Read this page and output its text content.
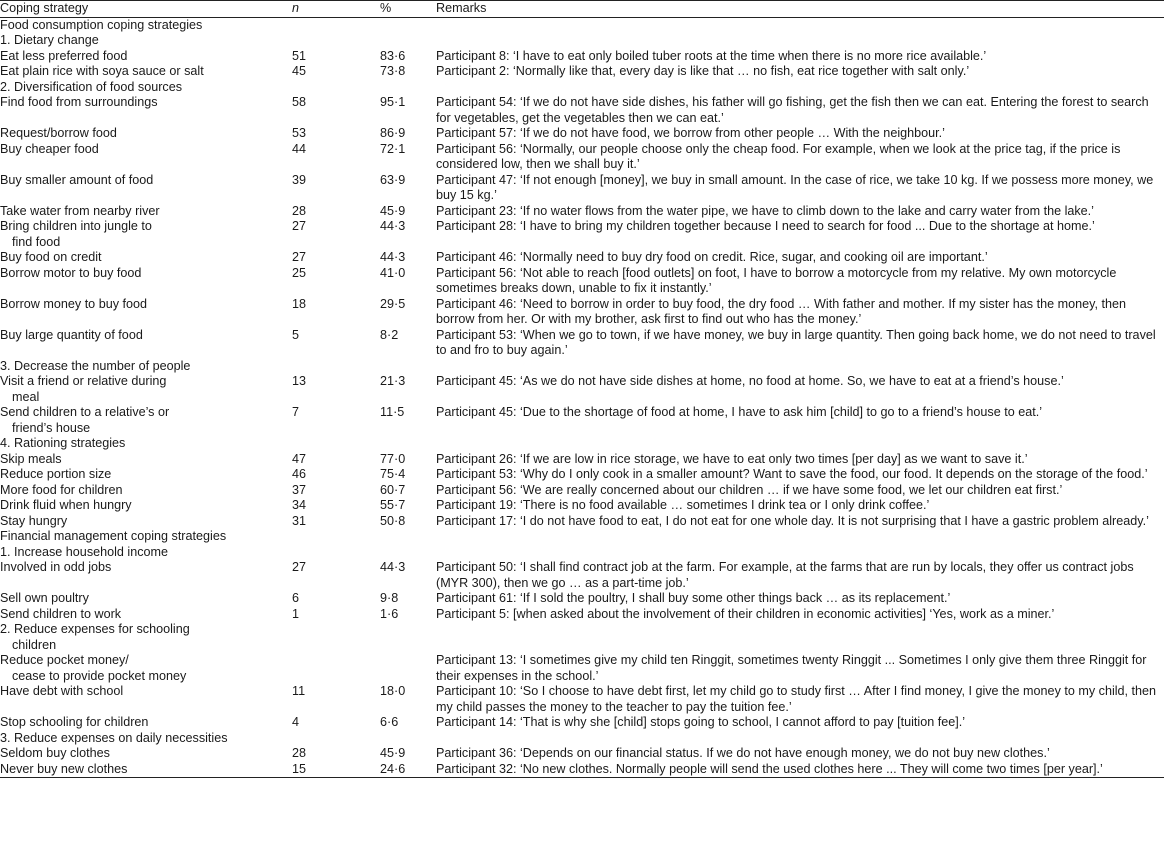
Coping strategy	n	%	Remarks
Food consumption coping strategies			
1. Dietary change			
Eat less preferred food	51	83·6	Participant 8: ‘I have to eat only boiled tuber roots at the time when there is no more rice available.’
Eat plain rice with soya sauce or salt	45	73·8	Participant 2: ‘Normally like that, every day is like that … no fish, eat rice together with salt only.’
2. Diversification of food sources			
Find food from surroundings	58	95·1	Participant 54: ‘If we do not have side dishes, his father will go fishing, get the fish then we can eat. Entering the forest to search for vegetables, get the vegetables then we can eat.’
Request/borrow food	53	86·9	Participant 57: ‘If we do not have food, we borrow from other people … With the neighbour.’
Buy cheaper food	44	72·1	Participant 56: ‘Normally, our people choose only the cheap food. For example, when we look at the price tag, if the price is considered low, then we shall buy it.’
Buy smaller amount of food	39	63·9	Participant 47: ‘If not enough [money], we buy in small amount. In the case of rice, we take 10 kg. If we possess more money, we buy 15 kg.’
Take water from nearby river	28	45·9	Participant 23: ‘If no water flows from the water pipe, we have to climb down to the lake and carry water from the lake.’
Bring children into jungle to
find food	27	44·3	Participant 28: ‘I have to bring my children together because I need to search for food ... Due to the shortage at home.’
Buy food on credit	27	44·3	Participant 46: ‘Normally need to buy dry food on credit. Rice, sugar, and cooking oil are important.’
Borrow motor to buy food	25	41·0	Participant 56: ‘Not able to reach [food outlets] on foot, I have to borrow a motorcycle from my relative. My own motorcycle sometimes breaks down, unable to fix it instantly.’
Borrow money to buy food	18	29·5	Participant 46: ‘Need to borrow in order to buy food, the dry food … With father and mother. If my sister has the money, then borrow from her. Or with my brother, ask first to find out who has the money.’
Buy large quantity of food	5	8·2	Participant 53: ‘When we go to town, if we have money, we buy in large quantity. Then going back home, we do not need to travel to and fro to buy again.’
3. Decrease the number of people			
Visit a friend or relative during
meal	13	21·3	Participant 45: ‘As we do not have side dishes at home, no food at home. So, we have to eat at a friend’s house.’
Send children to a relative’s or
friend’s house	7	11·5	Participant 45: ‘Due to the shortage of food at home, I have to ask him [child] to go to a friend’s house to eat.’
4. Rationing strategies			
Skip meals	47	77·0	Participant 26: ‘If we are low in rice storage, we have to eat only two times [per day] as we want to save it.’
Reduce portion size	46	75·4	Participant 53: ‘Why do I only cook in a smaller amount? Want to save the food, our food. It depends on the storage of the food.’
More food for children	37	60·7	Participant 56: ‘We are really concerned about our children … if we have some food, we let our children eat first.’
Drink fluid when hungry	34	55·7	Participant 19: ‘There is no food available … sometimes I drink tea or I only drink coffee.’
Stay hungry	31	50·8	Participant 17: ‘I do not have food to eat, I do not eat for one whole day. It is not surprising that I have a gastric problem already.’
Financial management coping strategies			
1. Increase household income			
Involved in odd jobs	27	44·3	Participant 50: ‘I shall find contract job at the farm. For example, at the farms that are run by locals, they offer us contract jobs (MYR 300), then we go … as a part-time job.’
Sell own poultry	6	9·8	Participant 61: ‘If I sold the poultry, I shall buy some other things back … as its replacement.’
Send children to work	1	1·6	Participant 5: [when asked about the involvement of their children in economic activities] ‘Yes, work as a miner.’
2. Reduce expenses for schooling
children			

Reduce pocket money/
cease to provide pocket money			Participant 13: ‘I sometimes give my child ten Ringgit, sometimes twenty Ringgit ... Sometimes I only give them three Ringgit for their expenses in the school.’
Have debt with school	11	18·0	Participant 10: ‘So I choose to have debt first, let my child go to study first … After I find money, I give the money to my child, then my child passes the money to the teacher to pay the tuition fee.’
Stop schooling for children	4	6·6	Participant 14: ‘That is why she [child] stops going to school, I cannot afford to pay [tuition fee].’
3. Reduce expenses on daily necessities			
Seldom buy clothes	28	45·9	Participant 36: ‘Depends on our financial status. If we do not have enough money, we do not buy new clothes.’
Never buy new clothes	15	24·6	Participant 32: ‘No new clothes. Normally people will send the used clothes here ... They will come two times [per year].’
